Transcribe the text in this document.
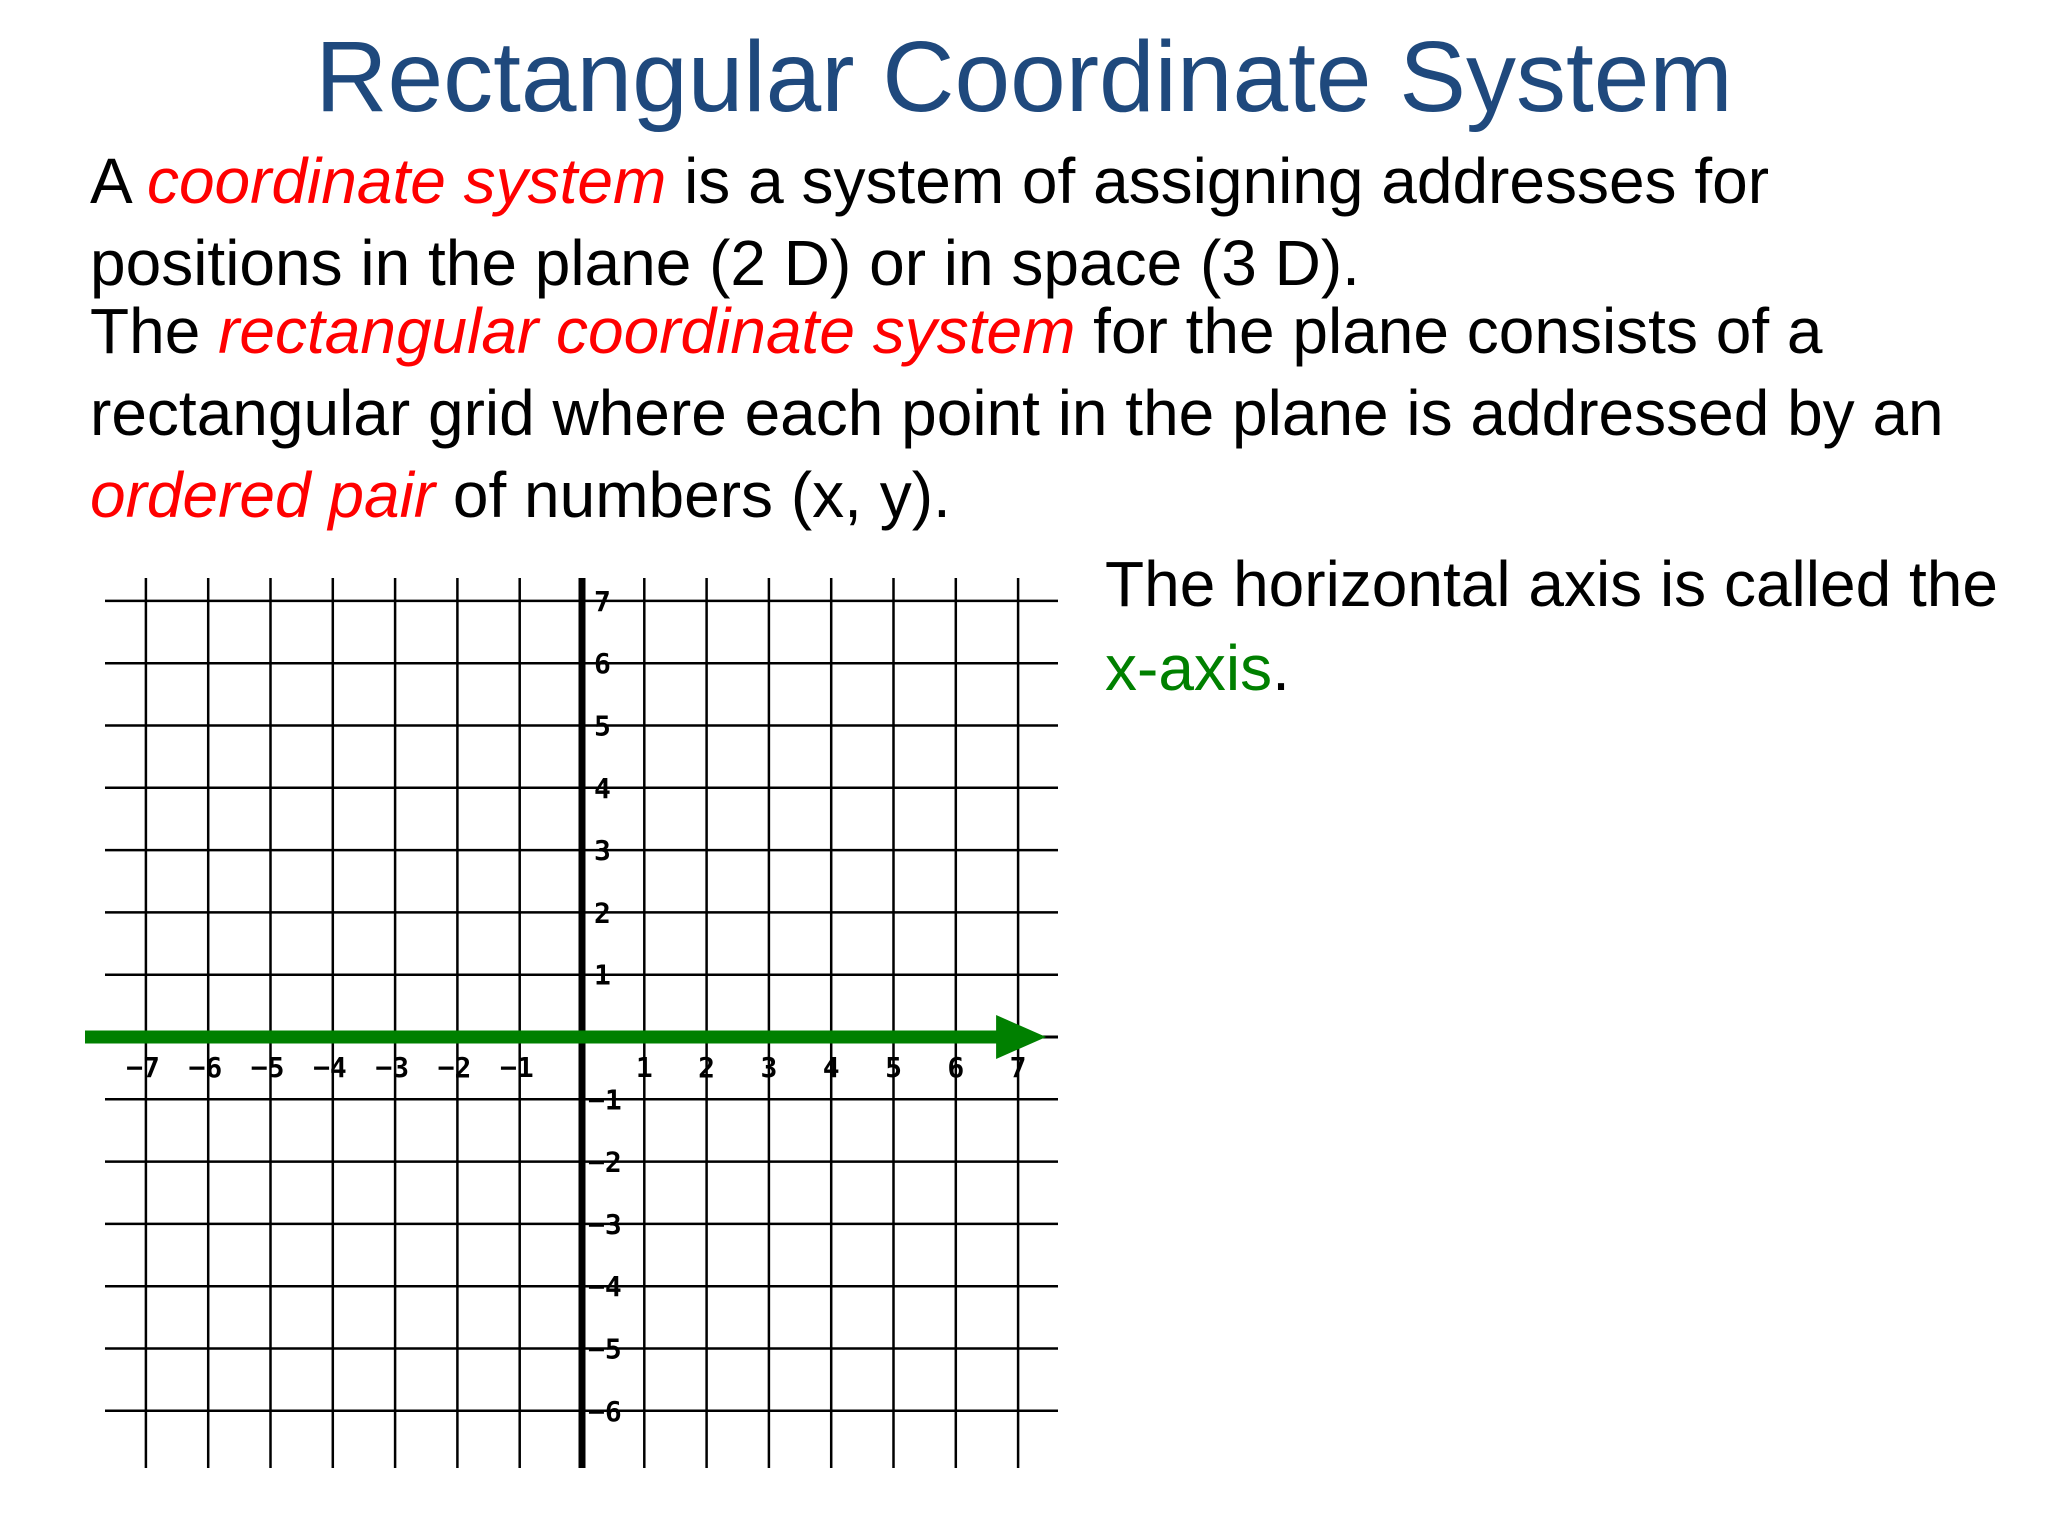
Rectangular Coordinate System

A coordinate system is a system of assigning addresses for positions in the plane (2 D) or in space (3 D).

The rectangular coordinate system for the plane consists of a rectangular grid where each point in the plane is addressed by an ordered pair of numbers (x, y).

The horizontal axis is called the x-axis.

−7 −6 −5 −4 −3 −2 −1	1 2 3 4 5 6 7
7
6
5
4
3
2
1
−1
−2
−3
−4
−5
−6
